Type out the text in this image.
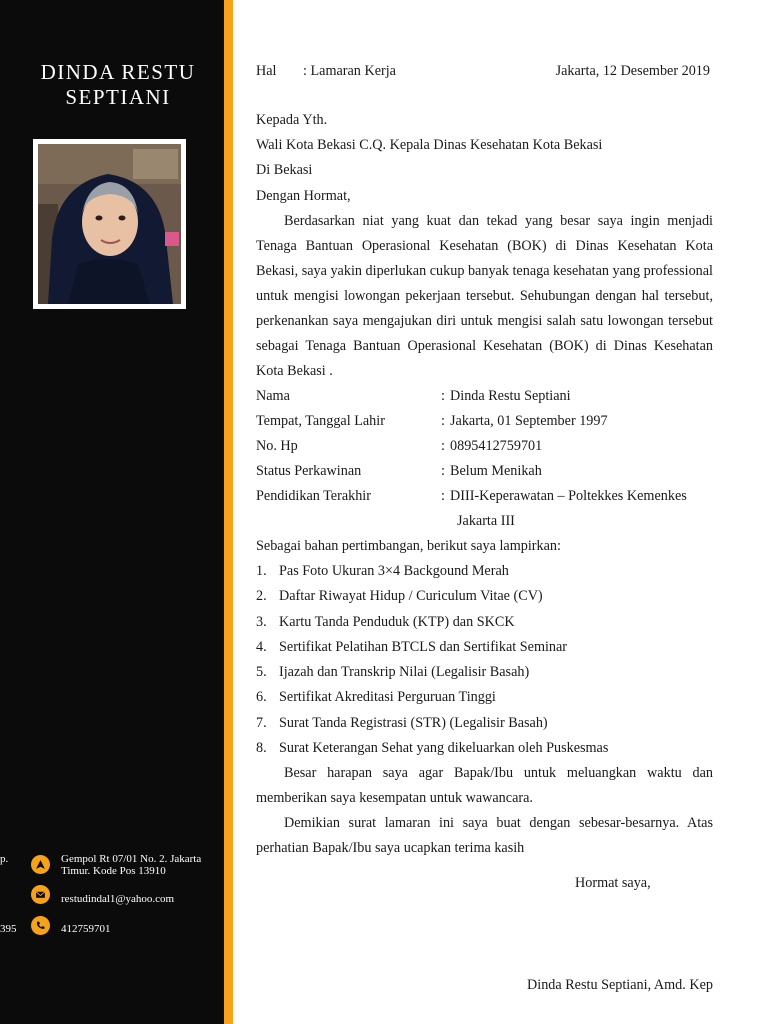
DINDA RESTU
SEPTIANI
p.	Gempol Rt 07/01 No. 2. Jakarta Timur. Kode Pos 13910
restudindal1@yahoo.com
395	412759701
Hal : Lamaran Kerja	Jakarta, 12 Desember 2019
Kepada Yth.
Wali Kota Bekasi C.Q. Kepala Dinas Kesehatan Kota Bekasi
Di Bekasi
Dengan Hormat,
Berdasarkan niat yang kuat dan tekad yang besar saya ingin menjadi Tenaga Bantuan Operasional Kesehatan (BOK) di Dinas Kesehatan Kota Bekasi, saya yakin diperlukan cukup banyak tenaga kesehatan yang professional untuk mengisi lowongan pekerjaan tersebut. Sehubungan dengan hal tersebut, perkenankan saya mengajukan diri untuk mengisi salah satu lowongan tersebut sebagai Tenaga Bantuan Operasional Kesehatan (BOK) di Dinas Kesehatan Kota Bekasi .
Nama	: Dinda Restu Septiani
Tempat, Tanggal Lahir	: Jakarta, 01 September 1997
No. Hp	: 0895412759701
Status Perkawinan	: Belum Menikah
Pendidikan Terakhir	: DIII-Keperawatan – Poltekkes Kemenkes
Jakarta III
Sebagai bahan pertimbangan, berikut saya lampirkan:
1. Pas Foto Ukuran 3×4 Backgound Merah
2. Daftar Riwayat Hidup / Curiculum Vitae (CV)
3. Kartu Tanda Penduduk (KTP) dan SKCK
4. Sertifikat Pelatihan BTCLS dan Sertifikat Seminar
5. Ijazah dan Transkrip Nilai (Legalisir Basah)
6. Sertifikat Akreditasi Perguruan Tinggi
7. Surat Tanda Registrasi (STR) (Legalisir Basah)
8. Surat Keterangan Sehat yang dikeluarkan oleh Puskesmas
Besar harapan saya agar Bapak/Ibu untuk meluangkan waktu dan memberikan saya kesempatan untuk wawancara.
Demikian surat lamaran ini saya buat dengan sebesar-besarnya. Atas perhatian Bapak/Ibu saya ucapkan terima kasih
Hormat saya,
Dinda Restu Septiani, Amd. Kep
